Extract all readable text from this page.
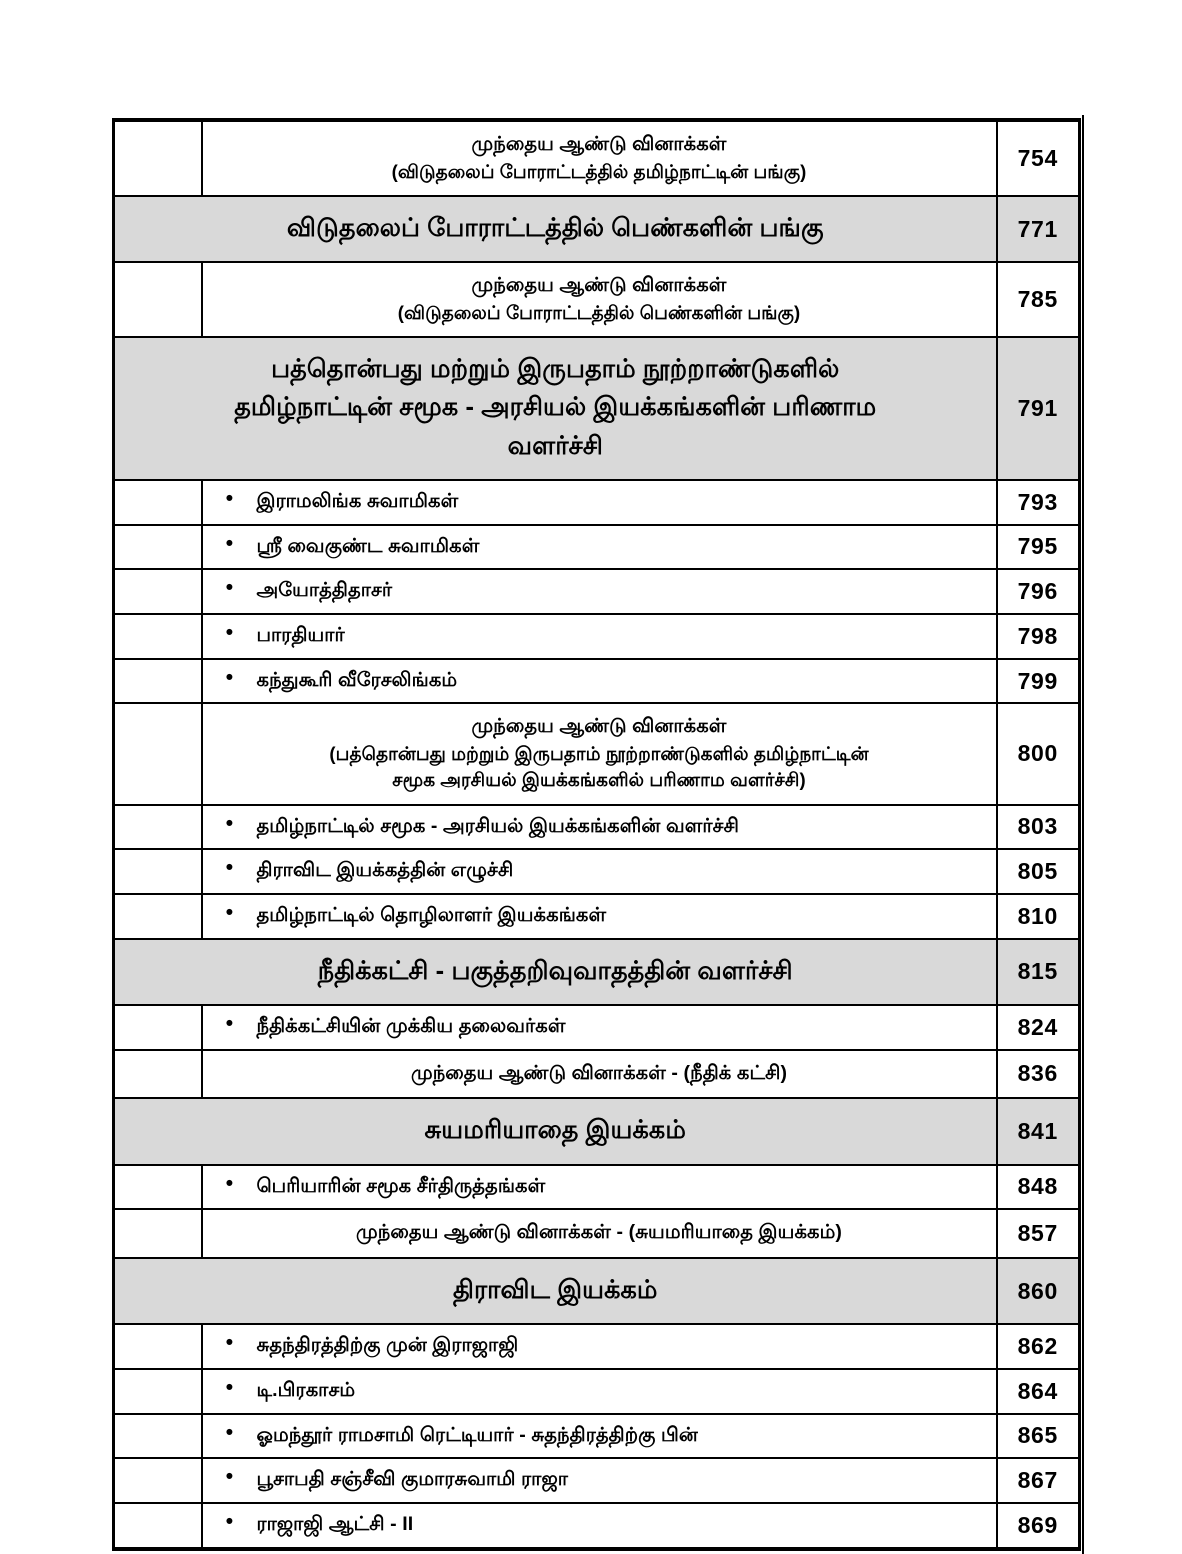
	முந்தைய ஆண்டு வினாக்கள்
(விடுதலைப் போராட்டத்தில் தமிழ்நாட்டின் பங்கு)	754

விடுதலைப் போராட்டத்தில் பெண்களின் பங்கு		771

	முந்தைய ஆண்டு வினாக்கள்
(விடுதலைப் போராட்டத்தில் பெண்களின் பங்கு)	785

பத்தொன்பது மற்றும் இருபதாம் நூற்றாண்டுகளில்
தமிழ்நாட்டின் சமூக - அரசியல் இயக்கங்களின் பரிணாம
வளர்ச்சி		791

	• இராமலிங்க சுவாமிகள்	793

	• ஸ்ரீ வைகுண்ட சுவாமிகள்	795

	• அயோத்திதாசர்	796

	• பாரதியார்	798

	• கந்துகூரி வீரேசலிங்கம்	799

	முந்தைய ஆண்டு வினாக்கள்
(பத்தொன்பது மற்றும் இருபதாம் நூற்றாண்டுகளில் தமிழ்நாட்டின்
சமூக அரசியல் இயக்கங்களில் பரிணாம வளர்ச்சி)	800

	• தமிழ்நாட்டில் சமூக - அரசியல் இயக்கங்களின் வளர்ச்சி	803

	• திராவிட இயக்கத்தின் எழுச்சி	805

	• தமிழ்நாட்டில் தொழிலாளர் இயக்கங்கள்	810

நீதிக்கட்சி - பகுத்தறிவுவாதத்தின் வளர்ச்சி		815

	• நீதிக்கட்சியின் முக்கிய தலைவர்கள்	824

	முந்தைய ஆண்டு வினாக்கள் - (நீதிக் கட்சி)	836

சுயமரியாதை இயக்கம்		841

	• பெரியாரின் சமூக சீர்திருத்தங்கள்	848

	முந்தைய ஆண்டு வினாக்கள் - (சுயமரியாதை இயக்கம்)	857

திராவிட இயக்கம்		860

	• சுதந்திரத்திற்கு முன் இராஜாஜி	862

	• டி.பிரகாசம்	864

	• ஓமந்தூர் ராமசாமி ரெட்டியார் - சுதந்திரத்திற்கு பின்	865

	• பூசாபதி சஞ்சீவி குமாரசுவாமி ராஜா	867

	• ராஜாஜி ஆட்சி - II	869
